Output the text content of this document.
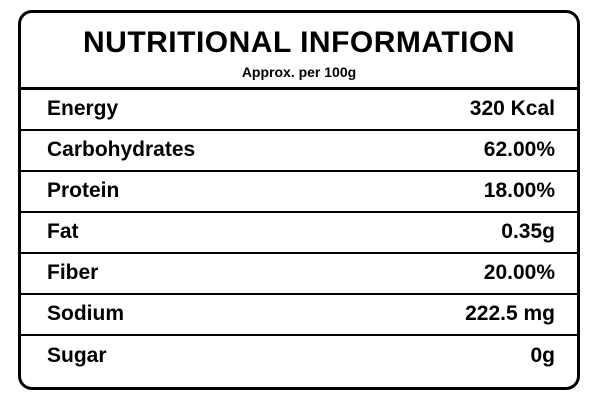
NUTRITIONAL INFORMATION
Approx. per 100g
Energy	320 Kcal
Carbohydrates	62.00%
Protein	18.00%
Fat	0.35g
Fiber	20.00%
Sodium	222.5 mg
Sugar	0g
